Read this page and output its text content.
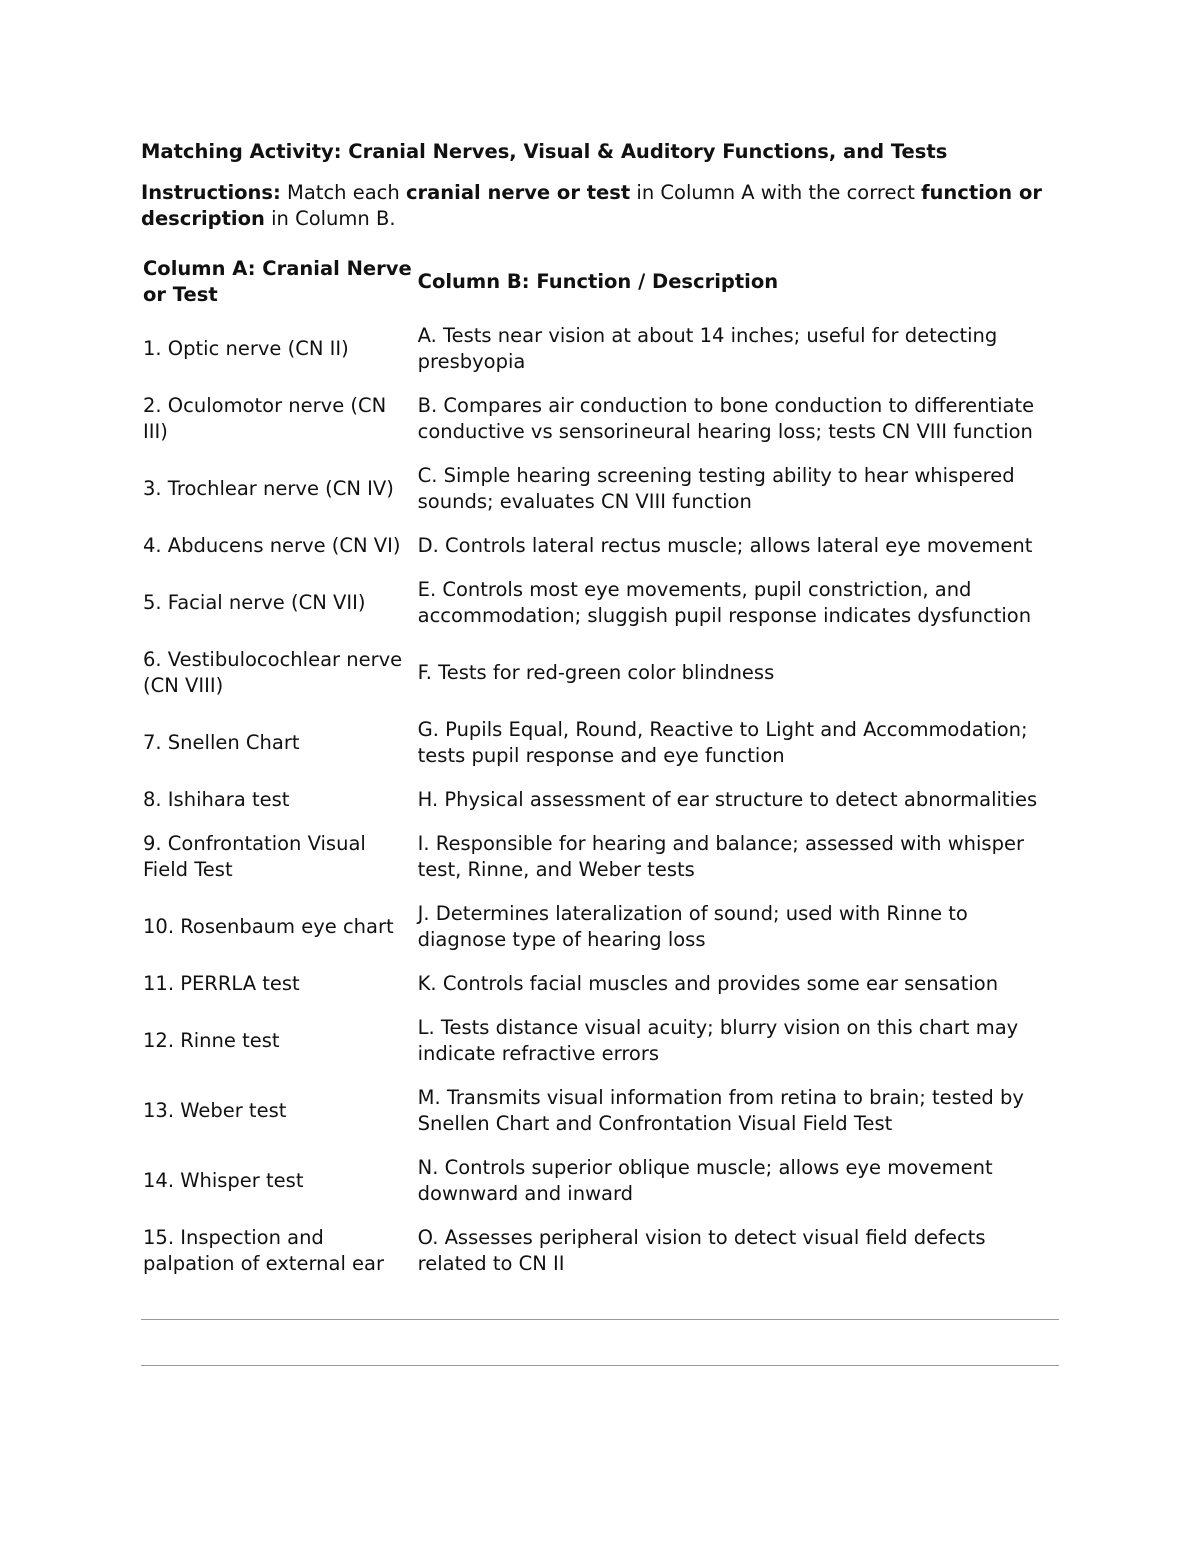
Matching Activity: Cranial Nerves, Visual & Auditory Functions, and Tests

Instructions: Match each cranial nerve or test in Column A with the correct function or description in Column B.

Column A: Cranial Nerve or Test	Column B: Function / Description
1. Optic nerve (CN II)	A. Tests near vision at about 14 inches; useful for detecting presbyopia
2. Oculomotor nerve (CN III)	B. Compares air conduction to bone conduction to differentiate conductive vs sensorineural hearing loss; tests CN VIII function
3. Trochlear nerve (CN IV)	C. Simple hearing screening testing ability to hear whispered sounds; evaluates CN VIII function
4. Abducens nerve (CN VI)	D. Controls lateral rectus muscle; allows lateral eye movement
5. Facial nerve (CN VII)	E. Controls most eye movements, pupil constriction, and accommodation; sluggish pupil response indicates dysfunction
6. Vestibulocochlear nerve (CN VIII)	F. Tests for red-green color blindness
7. Snellen Chart	G. Pupils Equal, Round, Reactive to Light and Accommodation; tests pupil response and eye function
8. Ishihara test	H. Physical assessment of ear structure to detect abnormalities
9. Confrontation Visual Field Test	I. Responsible for hearing and balance; assessed with whisper test, Rinne, and Weber tests
10. Rosenbaum eye chart	J. Determines lateralization of sound; used with Rinne to diagnose type of hearing loss
11. PERRLA test	K. Controls facial muscles and provides some ear sensation
12. Rinne test	L. Tests distance visual acuity; blurry vision on this chart may indicate refractive errors
13. Weber test	M. Transmits visual information from retina to brain; tested by Snellen Chart and Confrontation Visual Field Test
14. Whisper test	N. Controls superior oblique muscle; allows eye movement downward and inward
15. Inspection and palpation of external ear	O. Assesses peripheral vision to detect visual field defects related to CN II
